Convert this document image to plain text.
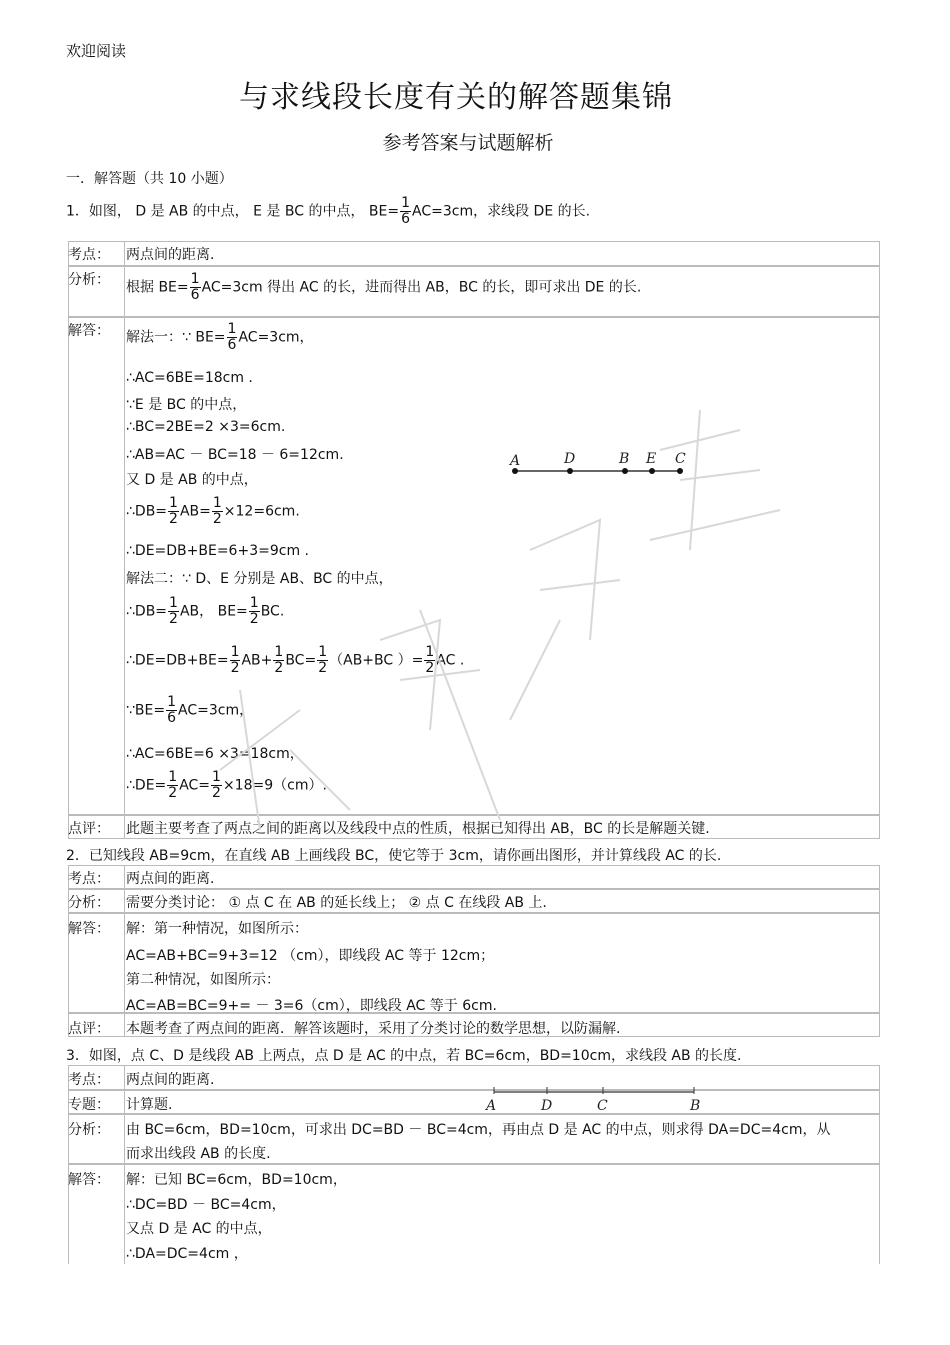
欢迎阅读
与求线段长度有关的解答题集锦
参考答案与试题解析
一．解答题（共 10 小题）
1．如图， D 是 AB 的中点， E 是 BC 的中点， $BE= \frac{1}{6} AC=3cm$，求线段 DE 的长.
考点： 两点间的距离.
分析： 根据 $BE= \frac{1}{6} AC=3cm$ 得出 AC 的长，进而得出 AB，BC 的长，即可求出 DE 的长.
解答： 解法一：∵ $BE= \frac{1}{6} AC=3cm$，
∴AC=6BE=18cm .
∵E 是 BC 的中点，
∴BC=2BE=2 ×3=6cm.
∴AB=AC － BC=18 － 6=12cm.
又 D 是 AB 的中点，
∴DB= $\frac{1}{2} AB= \frac{1}{2} \times 12=6cm$.
∴DE=DB+BE=6+3=9cm .
解法二：∵ D、E 分别是 AB、BC 的中点，
∴DB= $\frac{1}{2}$ AB， $BE= \frac{1}{2}$ BC.
∴DE=DB+BE= $\frac{1}{2} AB+ \frac{1}{2} BC= \frac{1}{2} (AB+BC$ ）= $\frac{1}{2}$ AC .
∵BE= $\frac{1}{6} AC=3cm$，
∴AC=6BE=6 ×3=18cm，
∴DE= $\frac{1}{2} AC= \frac{1}{2} \times 18=9(cm)$.
A	D	B E C
点评： 此题主要考查了两点之间的距离以及线段中点的性质，根据已知得出 AB，BC 的长是解题关键.
2．已知线段 AB=9cm，在直线 AB 上画线段 BC，使它等于 3cm，请你画出图形，并计算线段 AC 的长.
考点： 两点间的距离.
分析： 需要分类讨论： ① 点 C 在 AB 的延长线上； ② 点 C 在线段 AB 上.
解答： 解：第一种情况，如图所示：
AC=AB+BC=9+3=12 （cm），即线段 AC 等于 12cm；
第二种情况，如图所示：
AC=AB=BC=9+= － 3=6（cm），即线段 AC 等于 6cm.
点评： 本题考查了两点间的距离．解答该题时，采用了分类讨论的数学思想，以防漏解.
3．如图，点 C、D 是线段 AB 上两点，点 D 是 AC 的中点，若 BC=6cm，BD=10cm，求线段 AB 的长度.
考点： 两点间的距离.
专题： 计算题.	A	D	C	B
分析： 由 BC=6cm，BD=10cm，可求出 DC=BD － BC=4cm，再由点 D 是 AC 的中点，则求得 DA=DC=4cm，从
而求出线段 AB 的长度.
解答： 解：已知 BC=6cm，BD=10cm，
∴DC=BD － BC=4cm，
又点 D 是 AC 的中点，
∴DA=DC=4cm ，
